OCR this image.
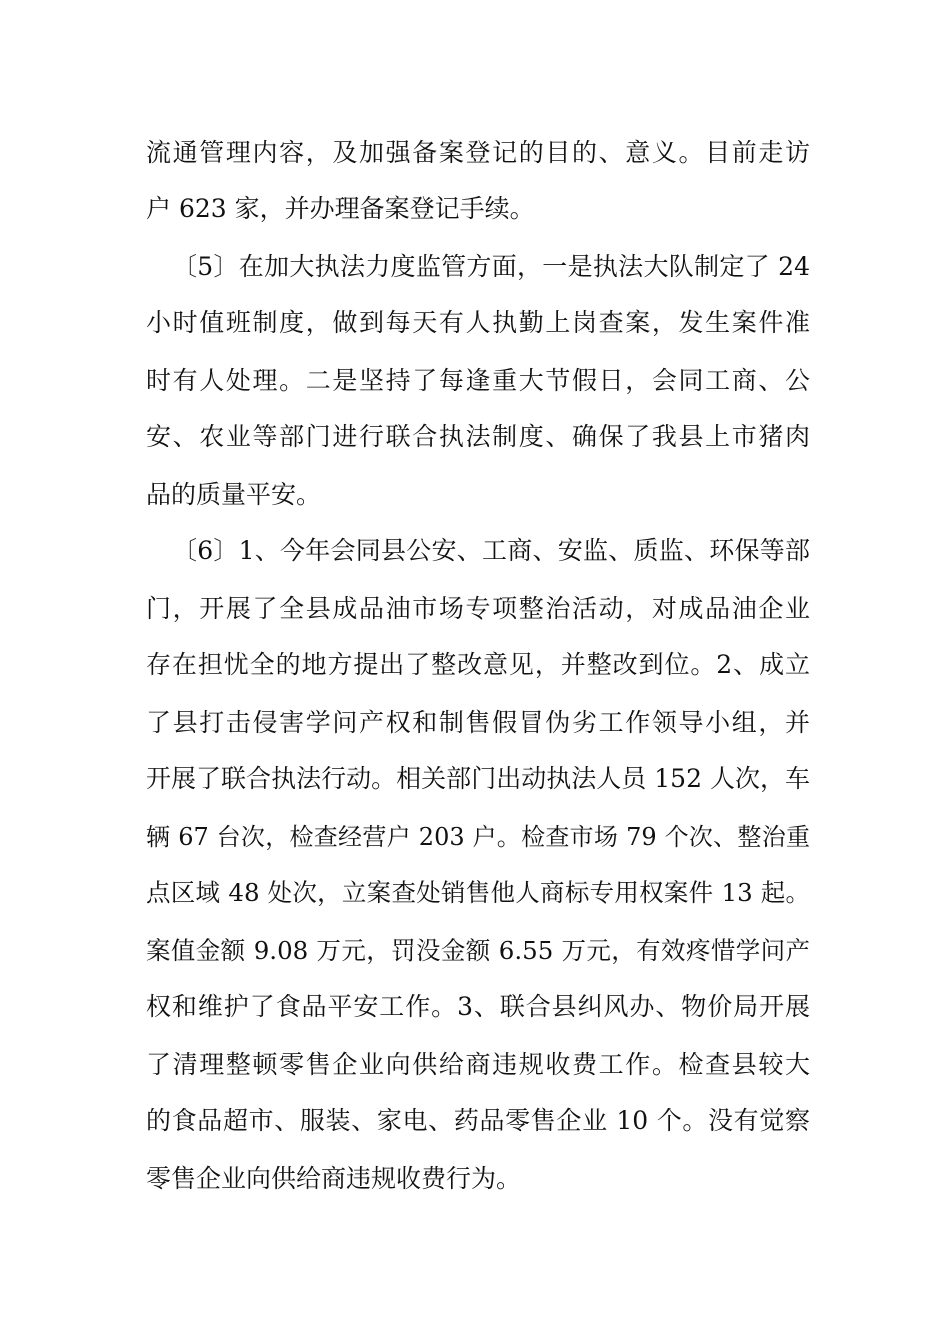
流通管理内容，及加强备案登记的目的、意义。目前走访
户 623 家，并办理备案登记手续。
〔5〕在加大执法力度监管方面，一是执法大队制定了 24
小时值班制度，做到每天有人执勤上岗查案，发生案件准
时有人处理。二是坚持了每逢重大节假日，会同工商、公
安、农业等部门进行联合执法制度、确保了我县上市猪肉
品的质量平安。
〔6〕1、今年会同县公安、工商、安监、质监、环保等部
门，开展了全县成品油市场专项整治活动，对成品油企业
存在担忧全的地方提出了整改意见，并整改到位。2、成立
了县打击侵害学问产权和制售假冒伪劣工作领导小组，并
开展了联合执法行动。相关部门出动执法人员 152 人次，车
辆 67 台次，检查经营户 203 户。检查市场 79 个次、整治重
点区域 48 处次，立案查处销售他人商标专用权案件 13 起。
案值金额 9.08 万元，罚没金额 6.55 万元，有效疼惜学问产
权和维护了食品平安工作。3、联合县纠风办、物价局开展
了清理整顿零售企业向供给商违规收费工作。检查县较大
的食品超市、服装、家电、药品零售企业 10 个。没有觉察
零售企业向供给商违规收费行为。
